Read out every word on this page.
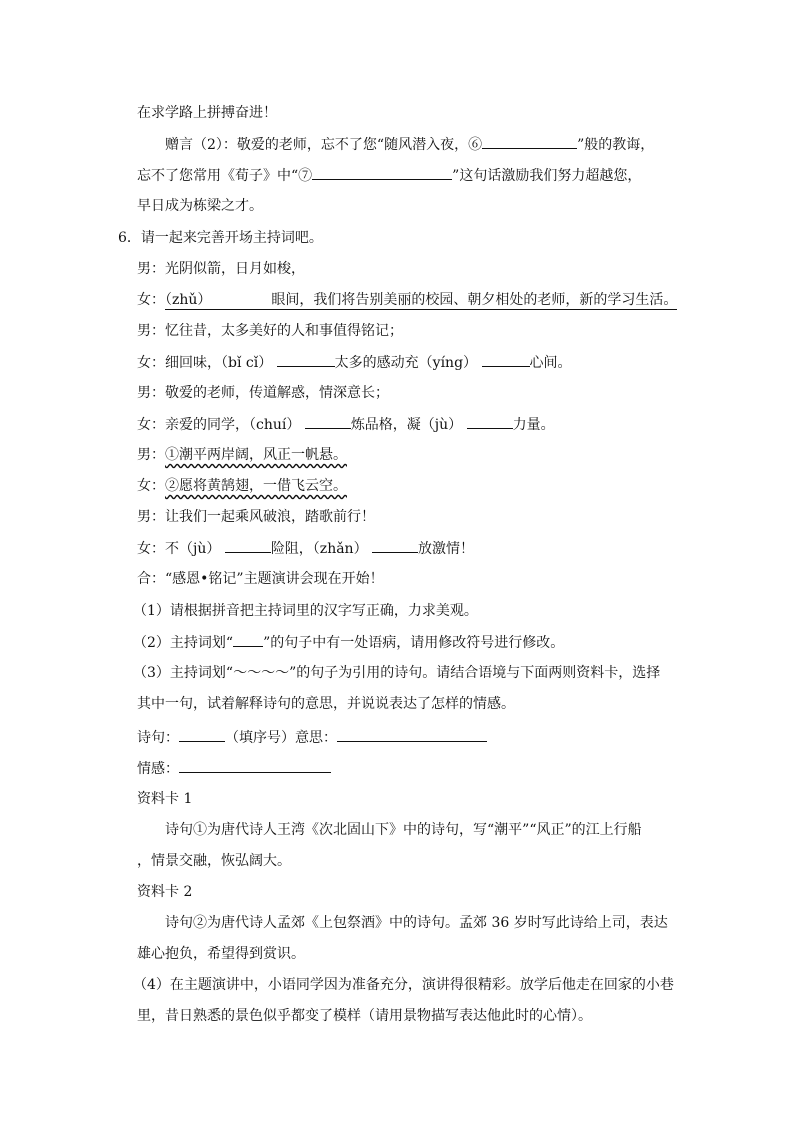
在求学路上拼搏奋进！
赠言（2）：敬爱的老师，忘不了您“随风潜入夜，⑥	”般的教诲，
忘不了您常用《荀子》中“⑦	”这句话激励我们努力超越您，
早日成为栋梁之才。
6．请一起来完善开场主持词吧。
男：光阴似箭，日月如梭，
女：（zhǔ）	眼间，我们将告别美丽的校园、朝夕相处的老师，新的学习生活。
男：忆往昔，太多美好的人和事值得铭记；
女：细回味，（bǐ cǐ）	太多的感动充（yíng）	心间。
男：敬爱的老师，传道解惑，情深意长；
女：亲爱的同学，（chuí）	炼品格，凝（jù）	力量。
男：①潮平两岸阔，风正一帆悬。
女：②愿将黄鹄翅，一借飞云空。
男：让我们一起乘风破浪，踏歌前行！
女：不（jù）	险阻，（zhǎn）	放激情！
合：“感恩•铭记”主题演讲会现在开始！
（1）请根据拼音把主持词里的汉字写正确，力求美观。
（2）主持词划“ ”的句子中有一处语病，请用修改符号进行修改。
（3）主持词划“～～～～”的句子为引用的诗句。请结合语境与下面两则资料卡，选择
其中一句，试着解释诗句的意思，并说说表达了怎样的情感。
诗句：	（填序号）意思：
情感：
资料卡 1
诗句①为唐代诗人王湾《次北固山下》中的诗句，写“潮平”“风正”的江上行船
，情景交融，恢弘阔大。
资料卡 2
诗句②为唐代诗人孟郊《上包祭酒》中的诗句。孟郊 36 岁时写此诗给上司，表达
雄心抱负，希望得到赏识。
（4）在主题演讲中，小语同学因为准备充分，演讲得很精彩。放学后他走在回家的小巷
里，昔日熟悉的景色似乎都变了模样（请用景物描写表达他此时的心情）。
